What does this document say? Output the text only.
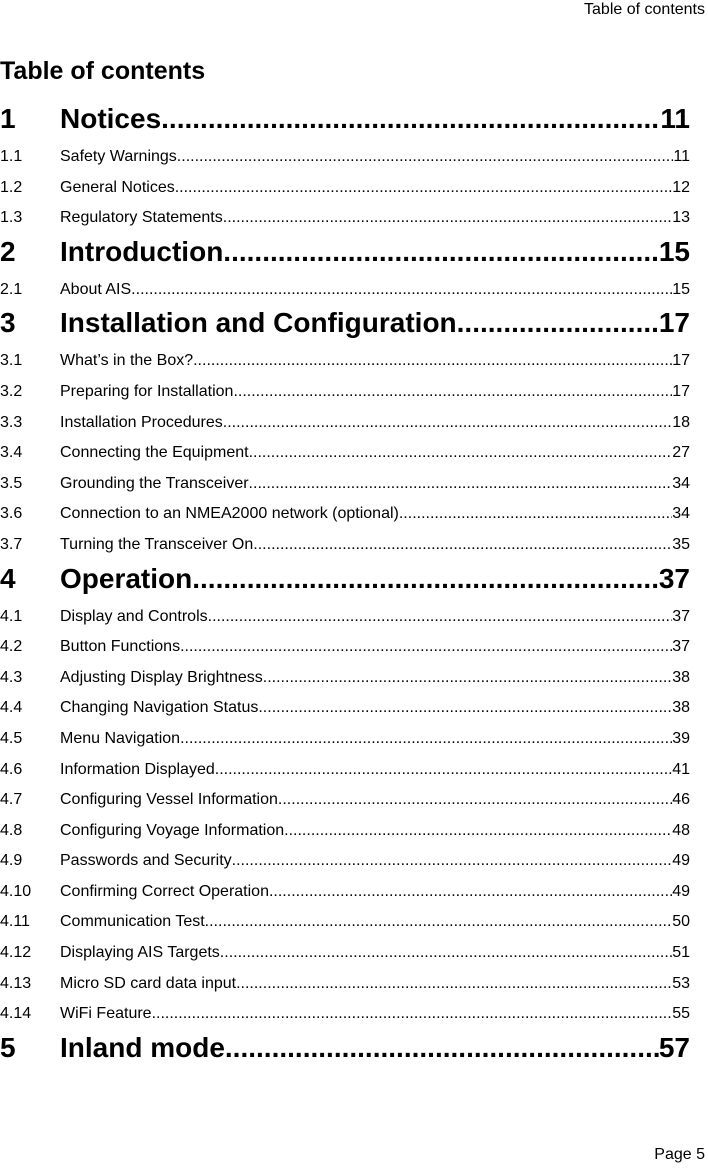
Table of contents
Table of contents
1 Notices .....	11
1.1 Safety Warnings .....	11
1.2 General Notices .....	12
1.3 Regulatory Statements .....	13
2 Introduction .....	15
2.1 About AIS .....	15
3 Installation and Configuration .....	17
3.1 What’s in the Box? .....	17
3.2 Preparing for Installation .....	17
3.3 Installation Procedures .....	18
3.4 Connecting the Equipment .....	27
3.5 Grounding the Transceiver .....	34
3.6 Connection to an NMEA2000 network (optional) .....	34
3.7 Turning the Transceiver On .....	35
4 Operation .....	37
4.1 Display and Controls .....	37
4.2 Button Functions .....	37
4.3 Adjusting Display Brightness .....	38
4.4 Changing Navigation Status .....	38
4.5 Menu Navigation .....	39
4.6 Information Displayed .....	41
4.7 Configuring Vessel Information .....	46
4.8 Configuring Voyage Information .....	48
4.9 Passwords and Security .....	49
4.10 Confirming Correct Operation .....	49
4.11 Communication Test .....	50
4.12 Displaying AIS Targets .....	51
4.13 Micro SD card data input .....	53
4.14 WiFi Feature .....	55
5 Inland mode .....	57
Page 5
